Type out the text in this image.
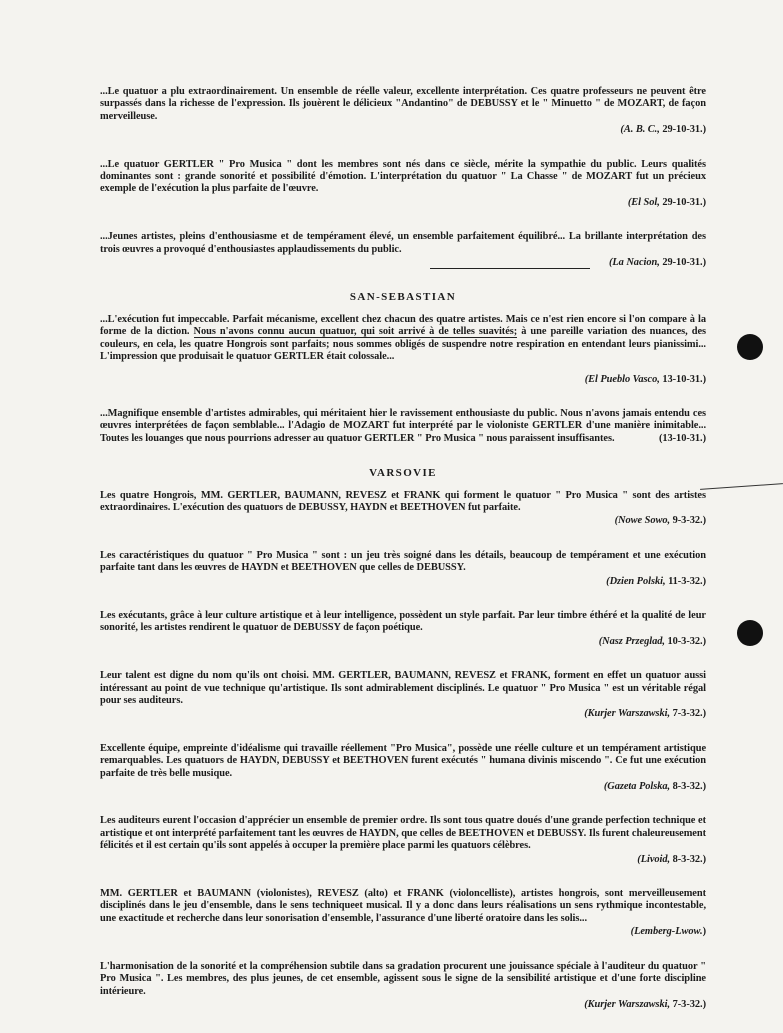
...Le quatuor a plu extraordinairement. Un ensemble de réelle valeur, excellente interprétation. Ces quatre professeurs ne peuvent être surpassés dans la richesse de l'expression. Ils jouèrent le délicieux "Andantino" de DEBUSSY et le " Minuetto " de MOZART, de façon merveilleuse.

(A. B. C., 29-10-31.)

...Le quatuor GERTLER " Pro Musica " dont les membres sont nés dans ce siècle, mérite la sympathie du public. Leurs qualités dominantes sont : grande sonorité et possibilité d'émotion. L'interprétation du quatuor " La Chasse " de MOZART fut un précieux exemple de l'exécution la plus parfaite de l'œuvre.

(El Sol, 29-10-31.)

...Jeunes artistes, pleins d'enthousiasme et de tempérament élevé, un ensemble parfaitement équilibré... La brillante interprétation des trois œuvres a provoqué d'enthousiastes applaudissements du public.

(La Nacion, 29-10-31.)
SAN-SEBASTIAN

...L'exécution fut impeccable. Parfait mécanisme, excellent chez chacun des quatre artistes. Mais ce n'est rien encore si l'on compare à la forme de la diction. Nous n'avons connu aucun quatuor, qui soit arrivé à de telles suavités; à une pareille variation des nuances, des couleurs, en cela, les quatre Hongrois sont parfaits; nous sommes obligés de suspendre notre respiration en entendant leurs pianissimi... L'impression que produisait le quatuor GERTLER était colossale...

(El Pueblo Vasco, 13-10-31.)

...Magnifique ensemble d'artistes admirables, qui méritaient hier le ravissement enthousiaste du public. Nous n'avons jamais entendu ces œuvres interprétées de façon semblable... l'Adagio de MOZART fut interprété par le violoniste GERTLER d'une manière inimitable... Toutes les louanges que nous pourrions adresser au quatuor GERTLER " Pro Musica " nous paraissent insuffisantes.	(13-10-31.)

VARSOVIE

Les quatre Hongrois, MM. GERTLER, BAUMANN, REVESZ et FRANK qui forment le quatuor " Pro Musica " sont des artistes extraordinaires. L'exécution des quatuors de DEBUSSY, HAYDN et BEETHOVEN fut parfaite.

(Nowe Sowo, 9-3-32.)

Les caractéristiques du quatuor " Pro Musica " sont : un jeu très soigné dans les détails, beaucoup de tempérament et une exécution parfaite tant dans les œuvres de HAYDN et BEETHOVEN que celles de DEBUSSY.

(Dzien Polski, 11-3-32.)

Les exécutants, grâce à leur culture artistique et à leur intelligence, possèdent un style parfait. Par leur timbre éthéré et la qualité de leur sonorité, les artistes rendirent le quatuor de DEBUSSY de façon poétique.

(Nasz Przeglad, 10-3-32.)

Leur talent est digne du nom qu'ils ont choisi. MM. GERTLER, BAUMANN, REVESZ et FRANK, forment en effet un quatuor aussi intéressant au point de vue technique qu'artistique. Ils sont admirablement disciplinés. Le quatuor " Pro Musica " est un véritable régal pour ses auditeurs.

(Kurjer Warszawski, 7-3-32.)

Excellente équipe, empreinte d'idéalisme qui travaille réellement "Pro Musica", possède une réelle culture et un tempérament artistique remarquables. Les quatuors de HAYDN, DEBUSSY et BEETHOVEN furent exécutés " humana divinis miscendo ". Ce fut une exécution parfaite de très belle musique.

(Gazeta Polska, 8-3-32.)

Les auditeurs eurent l'occasion d'apprécier un ensemble de premier ordre. Ils sont tous quatre doués d'une grande perfection technique et artistique et ont interprété parfaitement tant les œuvres de HAYDN, que celles de BEETHOVEN et DEBUSSY. Ils furent chaleureusement félicités et il est certain qu'ils sont appelés à occuper la première place parmi les quatuors célèbres.

(Livoid, 8-3-32.)

MM. GERTLER et BAUMANN (violonistes), REVESZ (alto) et FRANK (violoncelliste), artistes hongrois, sont merveilleusement disciplinés dans le jeu d'ensemble, dans le sens techniqueet musical. Il y a donc dans leurs réalisations un sens rythmique incontestable, une exactitude et recherche dans leur sonorisation d'ensemble, l'assurance d'une liberté oratoire dans les solis...

(Lemberg-Lwow.)

L'harmonisation de la sonorité et la compréhension subtile dans sa gradation procurent une jouissance spéciale à l'auditeur du quatuor " Pro Musica ". Les membres, des plus jeunes, de cet ensemble, agissent sous le signe de la sensibilité artistique et d'une forte discipline intérieure.

(Kurjer Warszawski, 7-3-32.)
